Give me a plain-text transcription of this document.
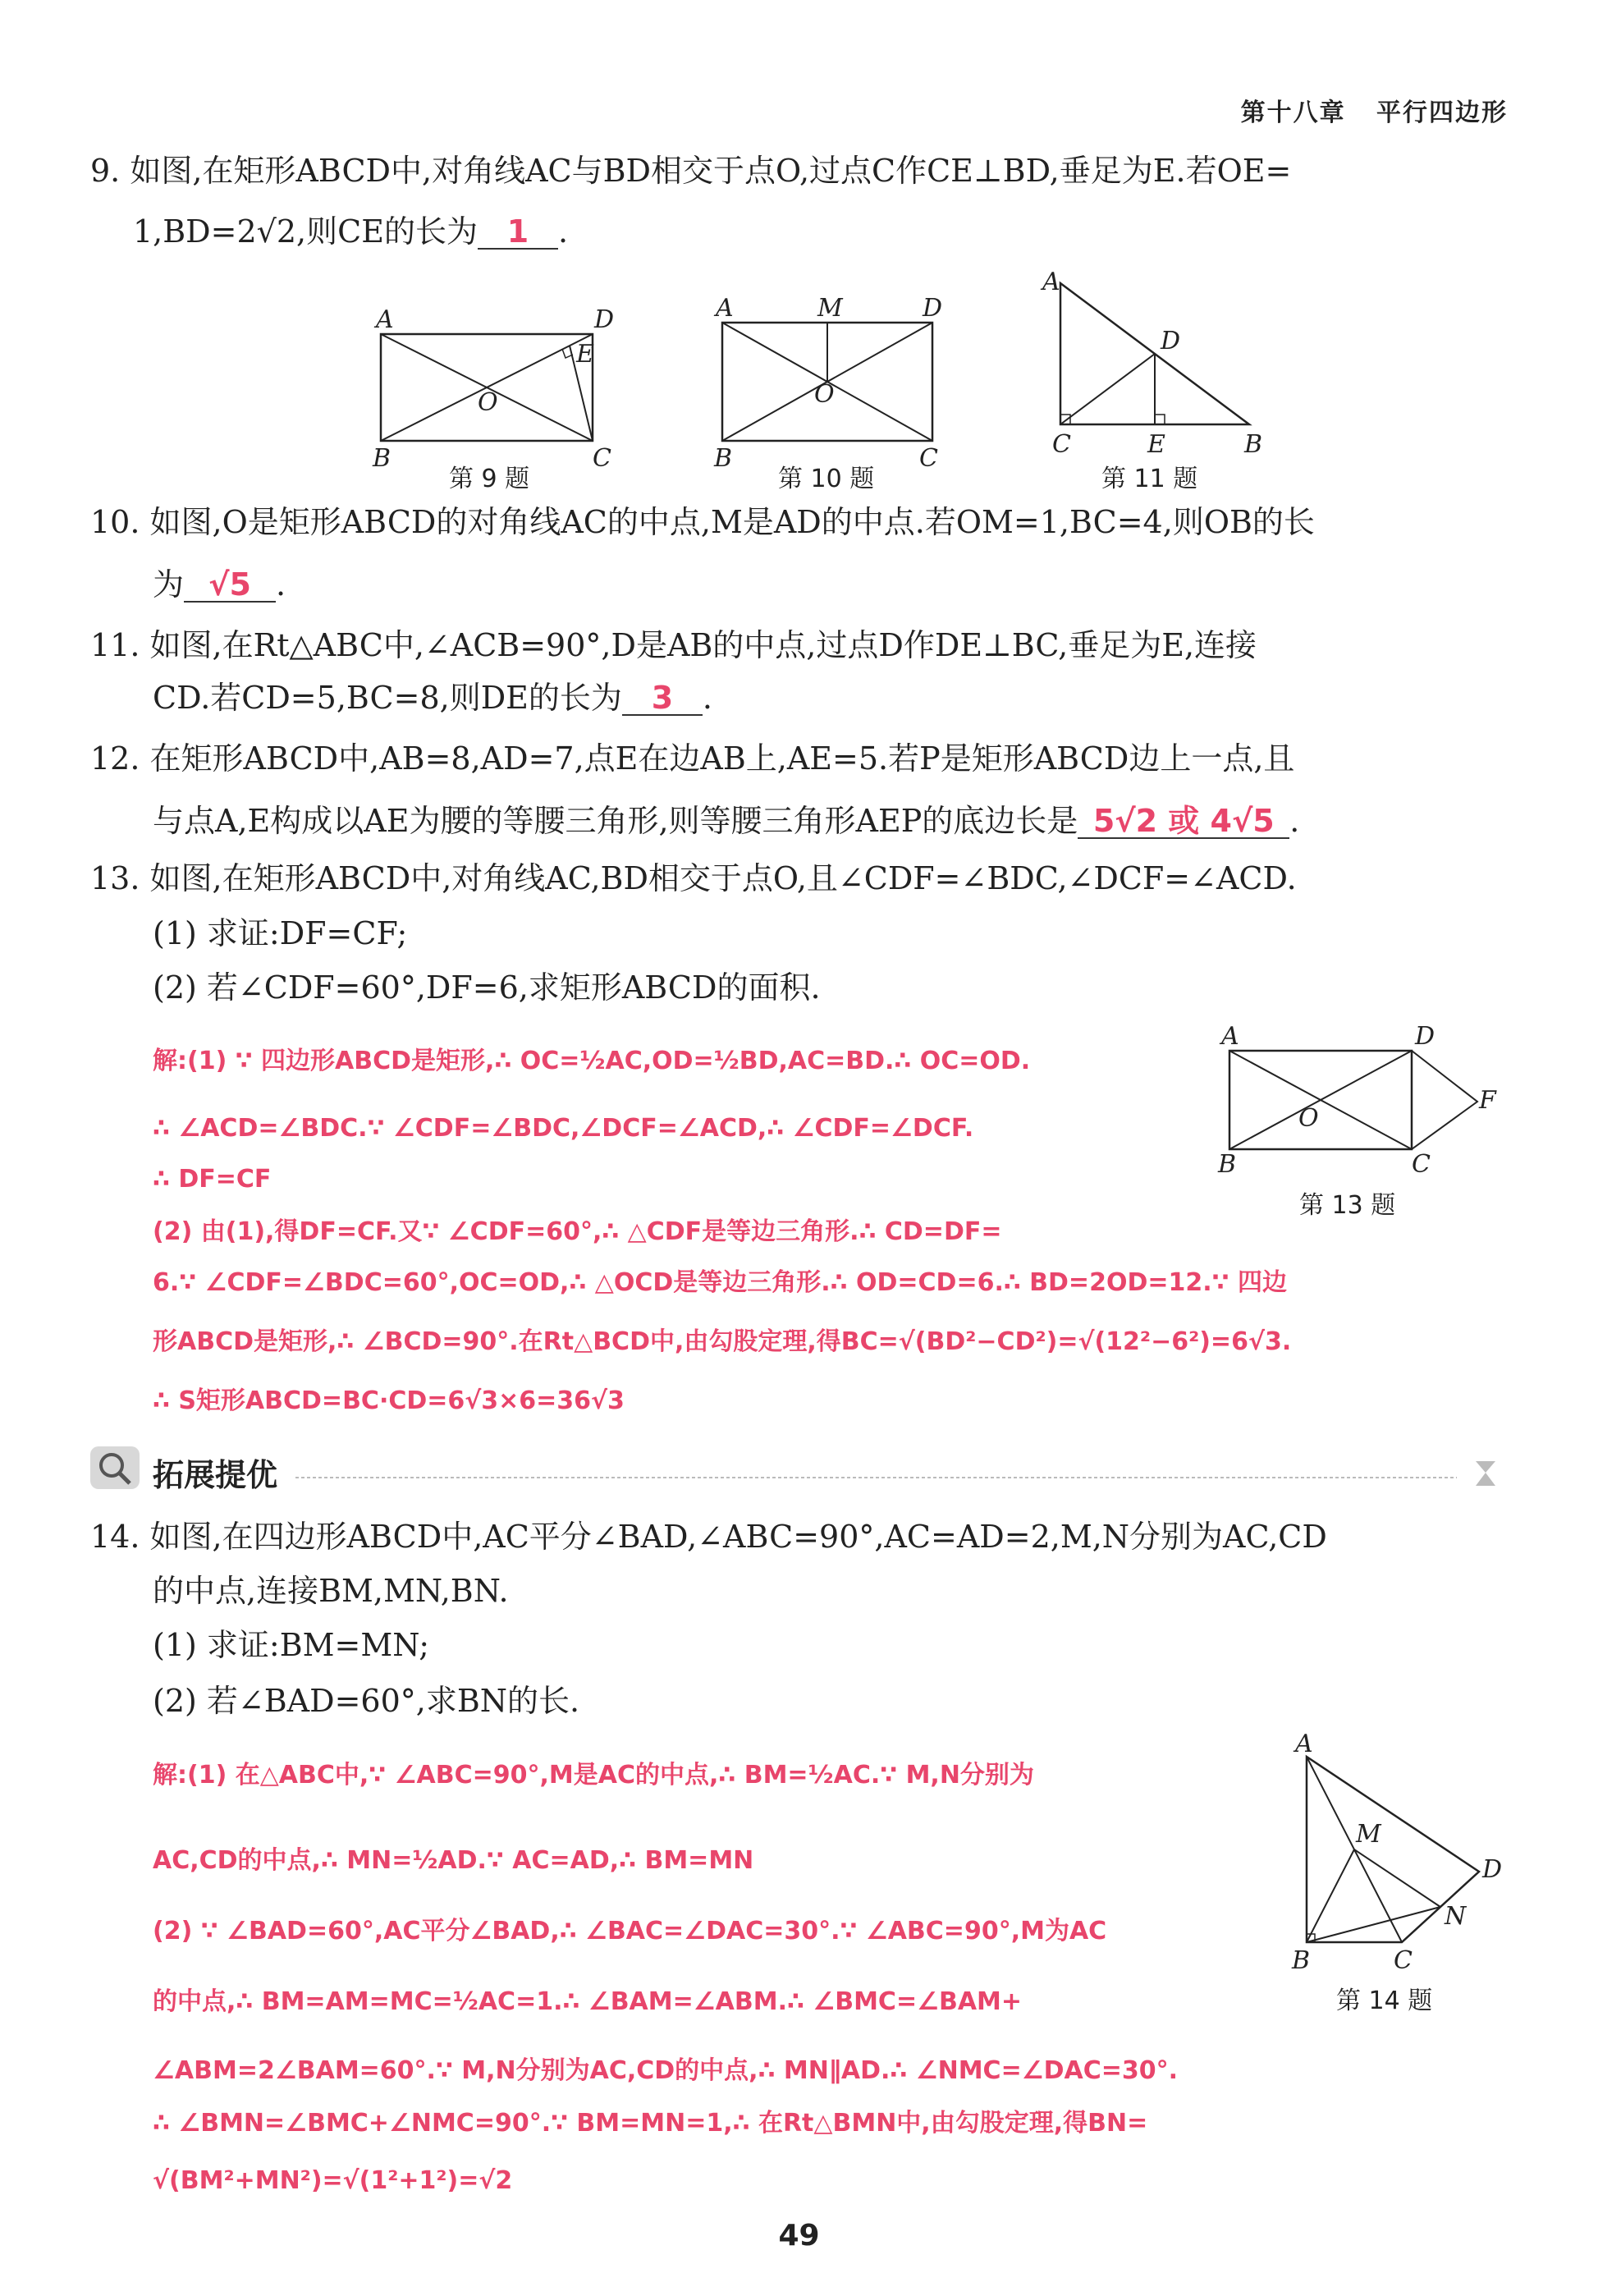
第十八章 平行四边形
9. 如图,在矩形ABCD中,对角线AC与BD相交于点O,过点C作CE⊥BD,垂足为E.若OE=
1,BD=2√2,则CE的长为 1 .
A	D
E
O
B	C
A	M	D
O
B	C
A
D
C	E	B
第 9 题	第 10 题	第 11 题
10. 如图,O是矩形ABCD的对角线AC的中点,M是AD的中点.若OM=1,BC=4,则OB的长
为 √5 .
11. 如图,在Rt△ABC中,∠ACB=90°,D是AB的中点,过点D作DE⊥BC,垂足为E,连接
CD.若CD=5,BC=8,则DE的长为 3 .
12. 在矩形ABCD中,AB=8,AD=7,点E在边AB上,AE=5.若P是矩形ABCD边上一点,且
与点A,E构成以AE为腰的等腰三角形,则等腰三角形AEP的底边长是 5√2 或 4√5 .
13. 如图,在矩形ABCD中,对角线AC,BD相交于点O,且∠CDF=∠BDC,∠DCF=∠ACD.
(1) 求证:DF=CF;
(2) 若∠CDF=60°,DF=6,求矩形ABCD的面积.
解:(1) ∵ 四边形ABCD是矩形,∴ OC=½AC,OD=½BD,AC=BD.∴ OC=OD.
∴ ∠ACD=∠BDC.∵ ∠CDF=∠BDC,∠DCF=∠ACD,∴ ∠CDF=∠DCF.
∴ DF=CF
(2) 由(1),得DF=CF.又∵ ∠CDF=60°,∴ △CDF是等边三角形.∴ CD=DF=
6.∵ ∠CDF=∠BDC=60°,OC=OD,∴ △OCD是等边三角形.∴ OD=CD=6.∴ BD=2OD=12.∵ 四边
形ABCD是矩形,∴ ∠BCD=90°.在Rt△BCD中,由勾股定理,得BC=√(BD²−CD²)=√(12²−6²)=6√3.
∴ S矩形ABCD=BC·CD=6√3×6=36√3
A	D
F
O
B	C
第 13 题
拓展提优
14. 如图,在四边形ABCD中,AC平分∠BAD,∠ABC=90°,AC=AD=2,M,N分别为AC,CD
的中点,连接BM,MN,BN.
(1) 求证:BM=MN;
(2) 若∠BAD=60°,求BN的长.
解:(1) 在△ABC中,∵ ∠ABC=90°,M是AC的中点,∴ BM=½AC.∵ M,N分别为
AC,CD的中点,∴ MN=½AD.∵ AC=AD,∴ BM=MN
(2) ∵ ∠BAD=60°,AC平分∠BAD,∴ ∠BAC=∠DAC=30°.∵ ∠ABC=90°,M为AC
的中点,∴ BM=AM=MC=½AC=1.∴ ∠BAM=∠ABM.∴ ∠BMC=∠BAM+
∠ABM=2∠BAM=60°.∵ M,N分别为AC,CD的中点,∴ MN∥AD.∴ ∠NMC=∠DAC=30°.
∴ ∠BMN=∠BMC+∠NMC=90°.∵ BM=MN=1,∴ 在Rt△BMN中,由勾股定理,得BN=
√(BM²+MN²)=√(1²+1²)=√2
A
M
D
N
B	C
第 14 题
49
